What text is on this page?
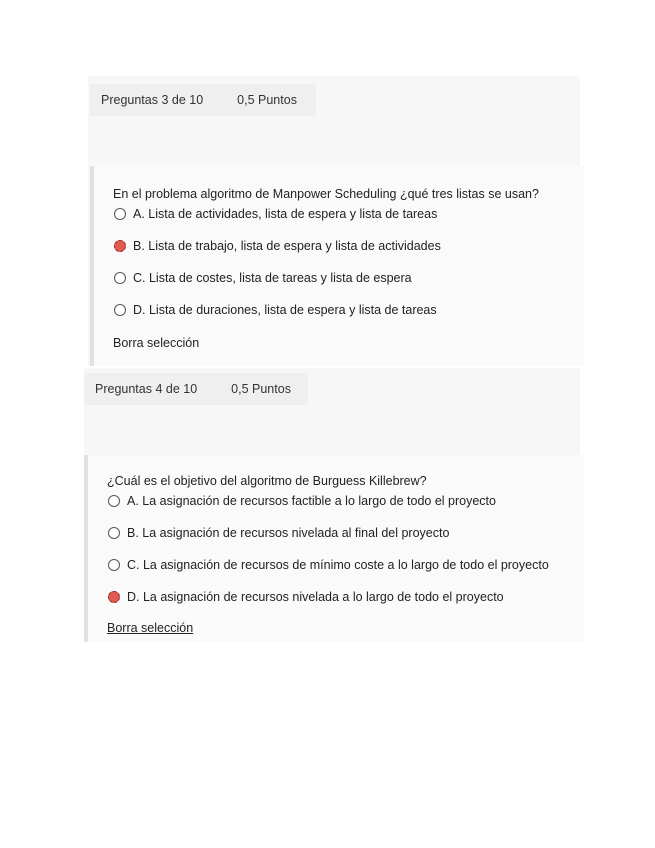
Preguntas 3 de 10	0,5 Puntos
En el problema algoritmo de Manpower Scheduling ¿qué tres listas se usan?
A. Lista de actividades, lista de espera y lista de tareas
B. Lista de trabajo, lista de espera y lista de actividades
C. Lista de costes, lista de tareas y lista de espera
D. Lista de duraciones, lista de espera y lista de tareas
Borra selección
Preguntas 4 de 10	0,5 Puntos
¿Cuál es el objetivo del algoritmo de Burguess Killebrew?
A. La asignación de recursos factible a lo largo de todo el proyecto
B. La asignación de recursos nivelada al final del proyecto
C. La asignación de recursos de mínimo coste a lo largo de todo el proyecto
D. La asignación de recursos nivelada a lo largo de todo el proyecto
Borra selección
